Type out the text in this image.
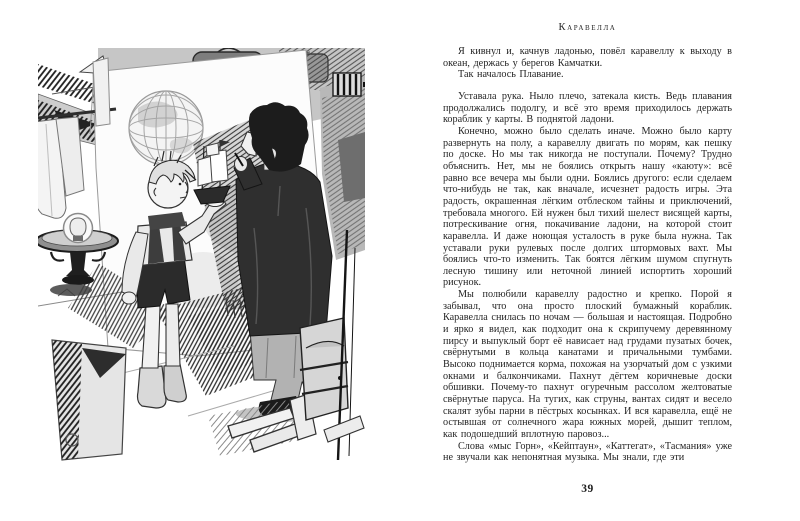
Каравелла

Я кивнул и, качнув ладонью, повёл каравеллу к выходу в океан, держась у берегов Камчатки.

Так началось Плавание.

Уставала рука. Ныло плечо, затекала кисть. Ведь плавания продолжались подолгу, и всё это время приходилось держать кораблик у карты. В поднятой ладони.

Конечно, можно было сделать иначе. Можно было карту развернуть на полу, а каравеллу двигать по морям, как пешку по доске. Но мы так никогда не поступали. Почему? Трудно объяснить. Нет, мы не боялись открыть нашу «каюту»: всё равно все вечера мы были одни. Боялись другого: если сделаем что-нибудь не так, как вначале, исчезнет радость игры. Эта радость, окрашенная лёгким отблеском тайны и приключений, требовала многого. Ей нужен был тихий шелест висящей карты, потрескивание огня, покачивание ладони, на которой стоит каравелла. И даже ноющая усталость в руке была нужна. Так уставали руки рулевых после долгих штормовых вахт. Мы боялись что-то изменить. Так боятся лёгким шумом спугнуть лесную тишину или неточной линией испортить хороший рисунок.

Мы полюбили каравеллу радостно и крепко. Порой я забывал, что она просто плоский бумажный кораблик. Каравелла снилась по ночам — большая и настоящая. Подробно и ярко я видел, как подходит она к скрипучему деревянному пирсу и выпуклый борт её нависает над грудами пузатых бочек, свёрнутыми в кольца канатами и причальными тумбами. Высоко поднимается корма, похожая на узорчатый дом с узкими окнами и балкончиками. Пахнут дёгтем коричневые доски обшивки. Почему-то пахнут огуречным рассолом желтоватые свёрнутые паруса. На тугих, как струны, вантах сидят и весело скалят зубы парни в пёстрых косынках. И вся каравелла, ещё не остывшая от солнечного жара южных морей, дышит теплом, как подошедший вплотную паровоз...

Слова «мыс Горн», «Кейптаун», «Каттегат», «Тасмания» уже не звучали как непонятная музыка. Мы знали, где эти

39
